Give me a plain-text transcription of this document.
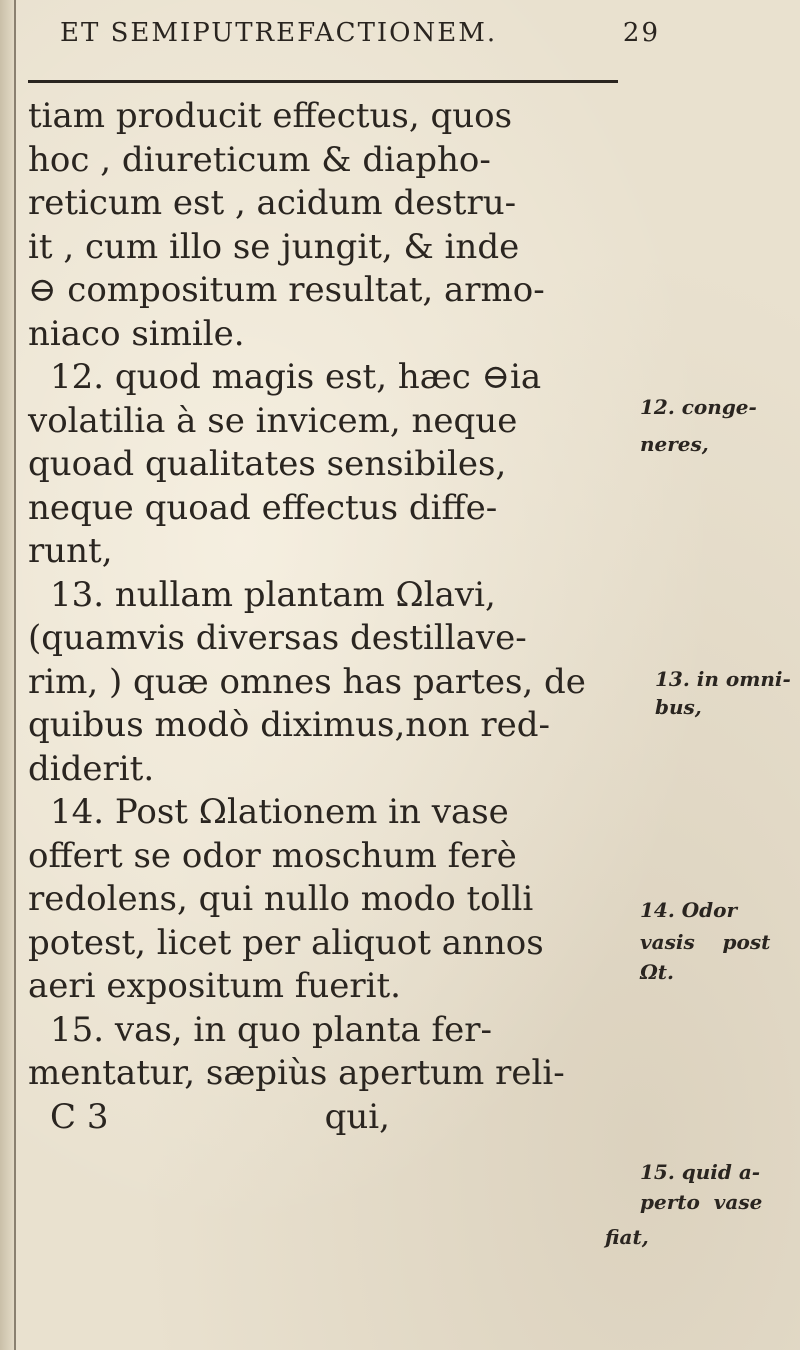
ET SEMIPUTREFACTIONEM.	29
tiam producit effectus, quos
hoc , diureticum & diapho-
reticum est , acidum destru-
it , cum illo se jungit, & inde
⊖ compositum resultat, armo-
niaco simile.
12. quod magis est, hæc ⊖ia
volatilia à se invicem, neque
quoad qualitates sensibiles,
neque quoad effectus diffe-
runt,
13. nullam plantam Ωlavi,
(quamvis diversas destillave-
rim, ) quæ omnes has partes, de
quibus modò diximus,non red-
diderit.
14. Post Ωlationem in vase
offert se odor moschum ferè
redolens, qui nullo modo tolli
potest, licet per aliquot annos
aeri expositum fuerit.
15. vas, in quo planta fer-
mentatur, sæpiùs apertum reli-
C 3                    qui,
12. conge-
neres,
13. in omni-
bus,
14. Odor
vasis    post
Ωt.
15. quid a-
perto  vase
fiat,
